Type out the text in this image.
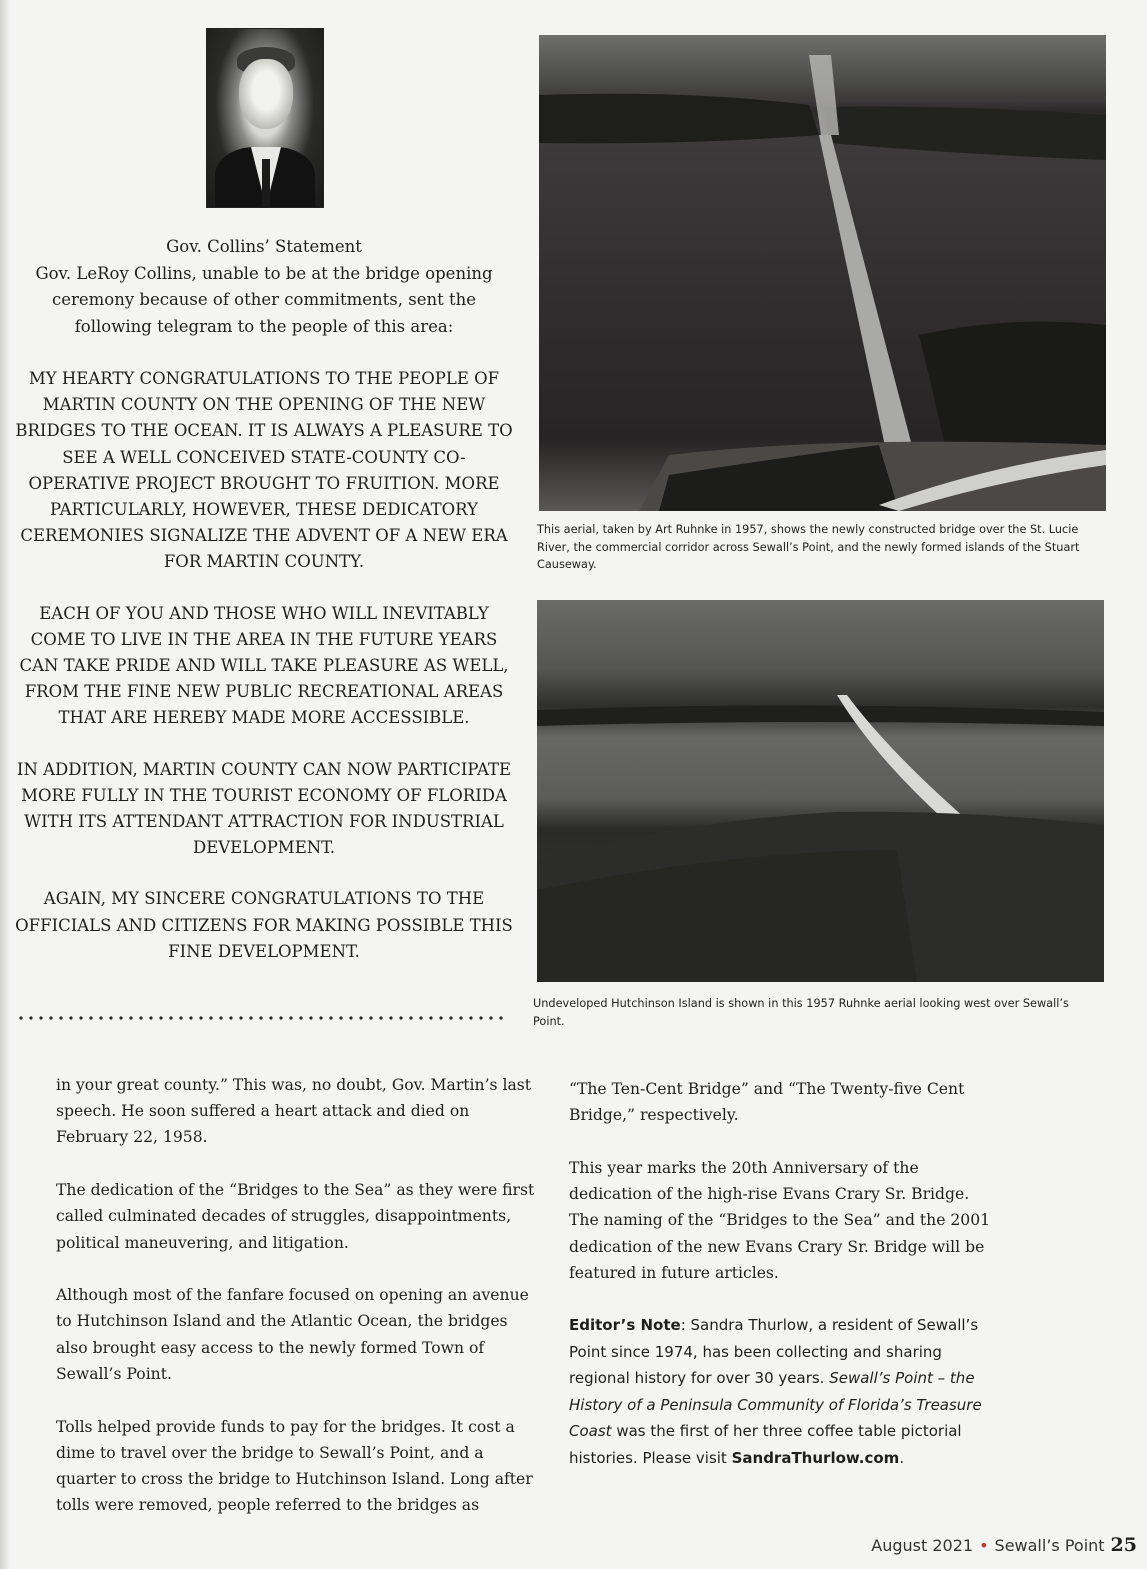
Gov. Collins’ Statement

Gov. LeRoy Collins, unable to be at the bridge opening ceremony because of other commitments, sent the following telegram to the people of this area:

MY HEARTY CONGRATULATIONS TO THE PEOPLE OF MARTIN COUNTY ON THE OPENING OF THE NEW BRIDGES TO THE OCEAN. IT IS ALWAYS A PLEASURE TO SEE A WELL CONCEIVED STATE-COUNTY CO-OPERATIVE PROJECT BROUGHT TO FRUITION. MORE PARTICULARLY, HOWEVER, THESE DEDICATORY CEREMONIES SIGNALIZE THE ADVENT OF A NEW ERA FOR MARTIN COUNTY.

EACH OF YOU AND THOSE WHO WILL INEVITABLY COME TO LIVE IN THE AREA IN THE FUTURE YEARS CAN TAKE PRIDE AND WILL TAKE PLEASURE AS WELL, FROM THE FINE NEW PUBLIC RECREATIONAL AREAS THAT ARE HEREBY MADE MORE ACCESSIBLE.

IN ADDITION, MARTIN COUNTY CAN NOW PARTICIPATE MORE FULLY IN THE TOURIST ECONOMY OF FLORIDA WITH ITS ATTENDANT ATTRACTION FOR INDUSTRIAL DEVELOPMENT.

AGAIN, MY SINCERE CONGRATULATIONS TO THE OFFICIALS AND CITIZENS FOR MAKING POSSIBLE THIS FINE DEVELOPMENT.

This aerial, taken by Art Ruhnke in 1957, shows the newly constructed bridge over the St. Lucie River, the commercial corridor across Sewall’s Point, and the newly formed islands of the Stuart Causeway.
Undeveloped Hutchinson Island is shown in this 1957 Ruhnke aerial looking west over Sewall’s Point.

in your great county.” This was, no doubt, Gov. Martin’s last speech. He soon suffered a heart attack and died on February 22, 1958.

The dedication of the “Bridges to the Sea” as they were first called culminated decades of struggles, disappointments, political maneuvering, and litigation.

Although most of the fanfare focused on opening an avenue to Hutchinson Island and the Atlantic Ocean, the bridges also brought easy access to the newly formed Town of Sewall’s Point.

Tolls helped provide funds to pay for the bridges. It cost a dime to travel over the bridge to Sewall’s Point, and a quarter to cross the bridge to Hutchinson Island. Long after tolls were removed, people referred to the bridges as

“The Ten-Cent Bridge” and “The Twenty-five Cent Bridge,” respectively.

This year marks the 20th Anniversary of the dedication of the high-rise Evans Crary Sr. Bridge. The naming of the “Bridges to the Sea” and the 2001 dedication of the new Evans Crary Sr. Bridge will be featured in future articles.

Editor’s Note: Sandra Thurlow, a resident of Sewall’s Point since 1974, has been collecting and sharing regional history for over 30 years. Sewall’s Point – the History of a Peninsula Community of Florida’s Treasure Coast was the first of her three coffee table pictorial histories. Please visit SandraThurlow.com.

August 2021 • Sewall’s Point 25
